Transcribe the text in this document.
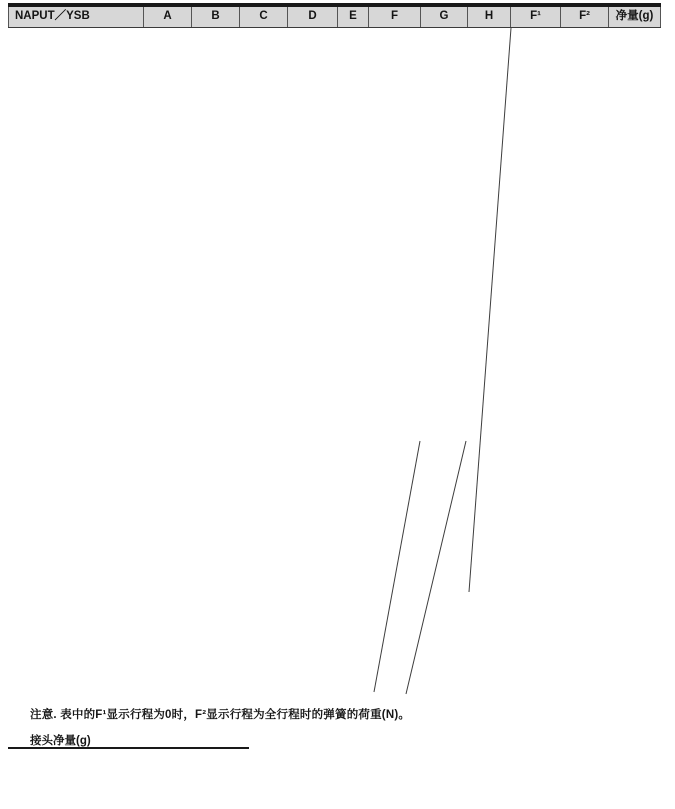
NAPUT／YSB	A	B	C	D	E	F	G	H	F¹	F²	净量(g)
注意. 表中的F¹显示行程为0时，F²显示行程为全行程时的弹簧的荷重(N)。
接头净量(g)
